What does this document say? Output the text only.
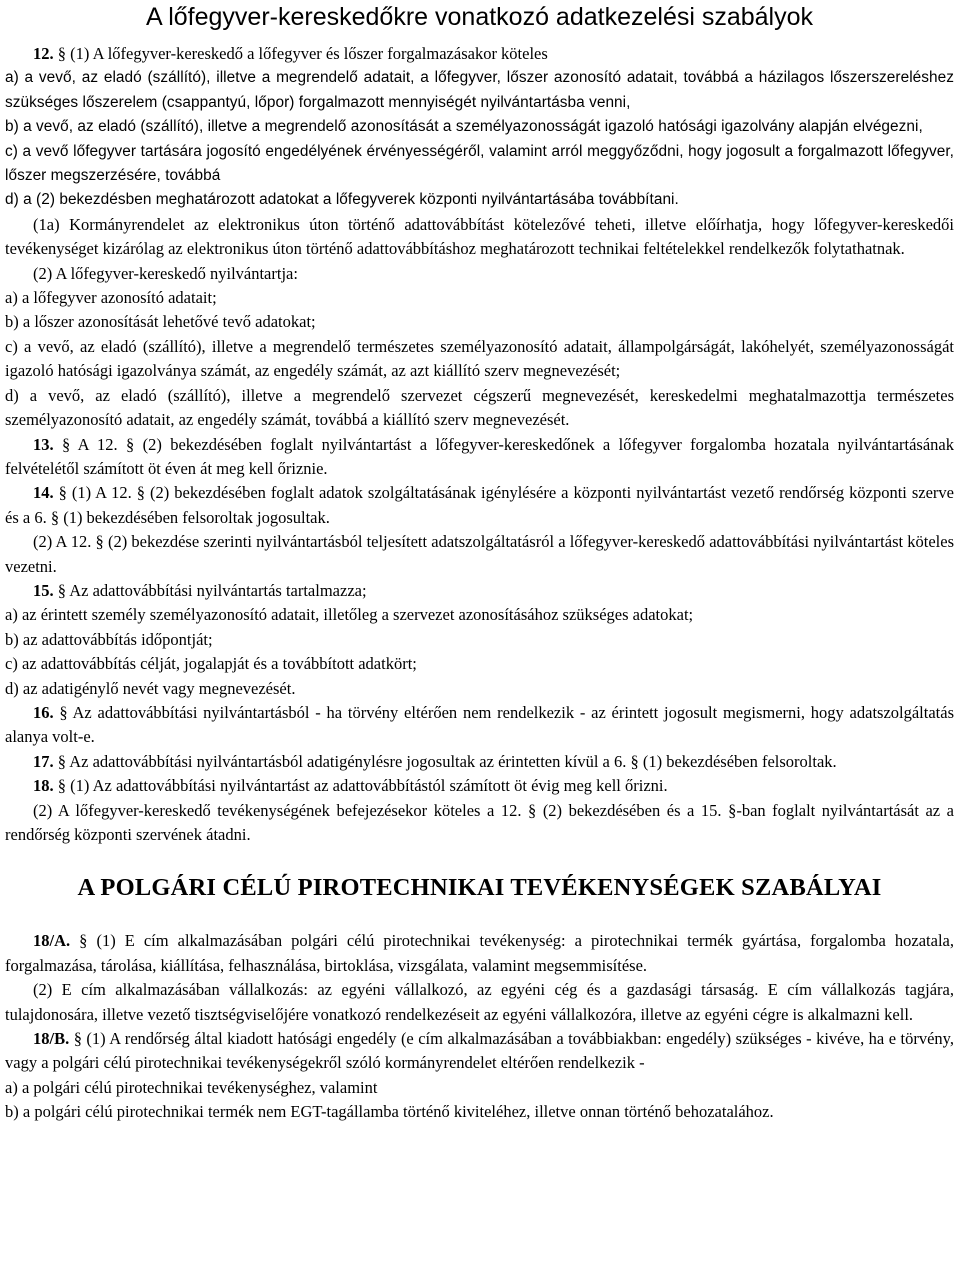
A lőfegyver-kereskedőkre vonatkozó adatkezelési szabályok

12. § (1) A lőfegyver-kereskedő a lőfegyver és lőszer forgalmazásakor köteles

a) a vevő, az eladó (szállító), illetve a megrendelő adatait, a lőfegyver, lőszer azonosító adatait, továbbá a házilagos lőszerszereléshez szükséges lőszerelem (csappantyú, lőpor) forgalmazott mennyiségét nyilvántartásba venni,

b) a vevő, az eladó (szállító), illetve a megrendelő azonosítását a személyazonosságát igazoló hatósági igazolvány alapján elvégezni,

c) a vevő lőfegyver tartására jogosító engedélyének érvényességéről, valamint arról meggyőződni, hogy jogosult a forgalmazott lőfegyver, lőszer megszerzésére, továbbá

d) a (2) bekezdésben meghatározott adatokat a lőfegyverek központi nyilvántartásába továbbítani.

(1a) Kormányrendelet az elektronikus úton történő adattovábbítást kötelezővé teheti, illetve előírhatja, hogy lőfegyver-kereskedői tevékenységet kizárólag az elektronikus úton történő adattovábbításhoz meghatározott technikai feltételekkel rendelkezők folytathatnak.

(2) A lőfegyver-kereskedő nyilvántartja:

a) a lőfegyver azonosító adatait;

b) a lőszer azonosítását lehetővé tevő adatokat;

c) a vevő, az eladó (szállító), illetve a megrendelő természetes személyazonosító adatait, állampolgárságát, lakóhelyét, személyazonosságát igazoló hatósági igazolványa számát, az engedély számát, az azt kiállító szerv megnevezését;

d) a vevő, az eladó (szállító), illetve a megrendelő szervezet cégszerű megnevezését, kereskedelmi meghatalmazottja természetes személyazonosító adatait, az engedély számát, továbbá a kiállító szerv megnevezését.

13. § A 12. § (2) bekezdésében foglalt nyilvántartást a lőfegyver-kereskedőnek a lőfegyver forgalomba hozatala nyilvántartásának felvételétől számított öt éven át meg kell őriznie.

14. § (1) A 12. § (2) bekezdésében foglalt adatok szolgáltatásának igénylésére a központi nyilvántartást vezető rendőrség központi szerve és a 6. § (1) bekezdésében felsoroltak jogosultak.

(2) A 12. § (2) bekezdése szerinti nyilvántartásból teljesített adatszolgáltatásról a lőfegyver-kereskedő adattovábbítási nyilvántartást köteles vezetni.

15. § Az adattovábbítási nyilvántartás tartalmazza;

a) az érintett személy személyazonosító adatait, illetőleg a szervezet azonosításához szükséges adatokat;

b) az adattovábbítás időpontját;

c) az adattovábbítás célját, jogalapját és a továbbított adatkört;

d) az adatigénylő nevét vagy megnevezését.

16. § Az adattovábbítási nyilvántartásból - ha törvény eltérően nem rendelkezik - az érintett jogosult megismerni, hogy adatszolgáltatás alanya volt-e.

17. § Az adattovábbítási nyilvántartásból adatigénylésre jogosultak az érintetten kívül a 6. § (1) bekezdésében felsoroltak.

18. § (1) Az adattovábbítási nyilvántartást az adattovábbítástól számított öt évig meg kell őrizni.

(2) A lőfegyver-kereskedő tevékenységének befejezésekor köteles a 12. § (2) bekezdésében és a 15. §-ban foglalt nyilvántartását az a rendőrség központi szervének átadni.

A POLGÁRI CÉLÚ PIROTECHNIKAI TEVÉKENYSÉGEK SZABÁLYAI

18/A. § (1) E cím alkalmazásában polgári célú pirotechnikai tevékenység: a pirotechnikai termék gyártása, forgalomba hozatala, forgalmazása, tárolása, kiállítása, felhasználása, birtoklása, vizsgálata, valamint megsemmisítése.

(2) E cím alkalmazásában vállalkozás: az egyéni vállalkozó, az egyéni cég és a gazdasági társaság. E cím vállalkozás tagjára, tulajdonosára, illetve vezető tisztségviselőjére vonatkozó rendelkezéseit az egyéni vállalkozóra, illetve az egyéni cégre is alkalmazni kell.

18/B. § (1) A rendőrség által kiadott hatósági engedély (e cím alkalmazásában a továbbiakban: engedély) szükséges - kivéve, ha e törvény, vagy a polgári célú pirotechnikai tevékenységekről szóló kormányrendelet eltérően rendelkezik -

a) a polgári célú pirotechnikai tevékenységhez, valamint

b) a polgári célú pirotechnikai termék nem EGT-tagállamba történő kiviteléhez, illetve onnan történő behozatalához.
